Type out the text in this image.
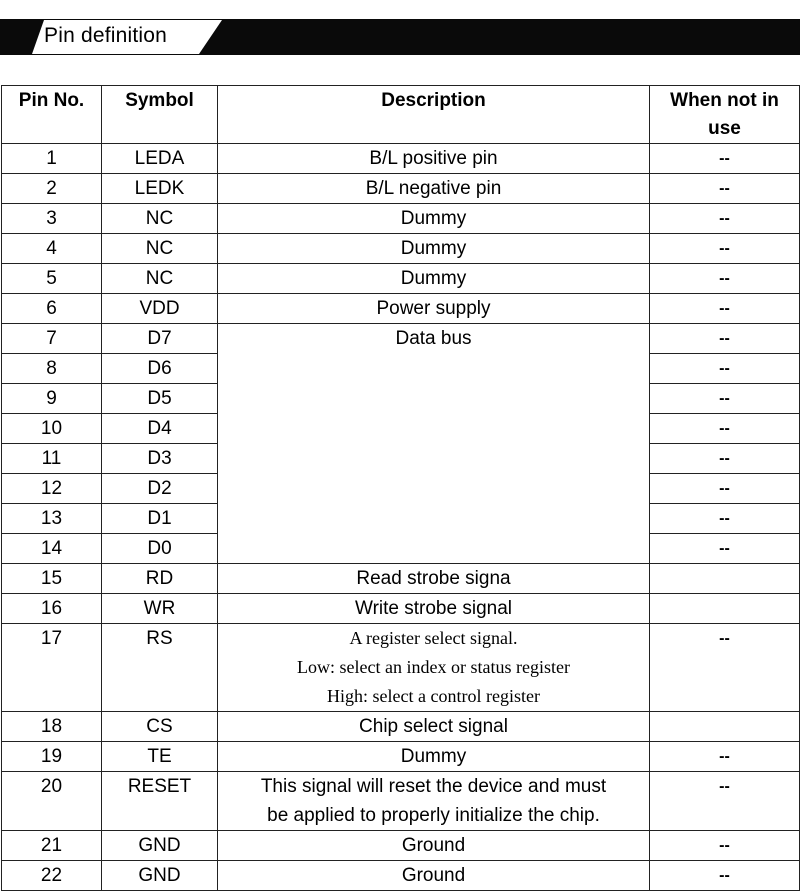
Pin definition
Pin No.	Symbol	Description	When not in
use

1	LEDA	B/L positive pin	--
2	LEDK	B/L negative pin	--
3	NC	Dummy	--
4	NC	Dummy	--
5	NC	Dummy	--
6	VDD	Power supply	--
7	D7	Data bus	--
8	D6		--
9	D5		--
10	D4		--
11	D3		--
12	D2		--
13	D1		--
14	D0		--
15	RD	Read strobe signa	
16	WR	Write strobe signal	
17	RS	A register select signal.
Low: select an index or status register
High: select a control register	--
18	CS	Chip select signal	
19	TE	Dummy	--
20	RESET	This signal will reset the device and must
be applied to properly initialize the chip.	--
21	GND	Ground	--
22	GND	Ground	--
